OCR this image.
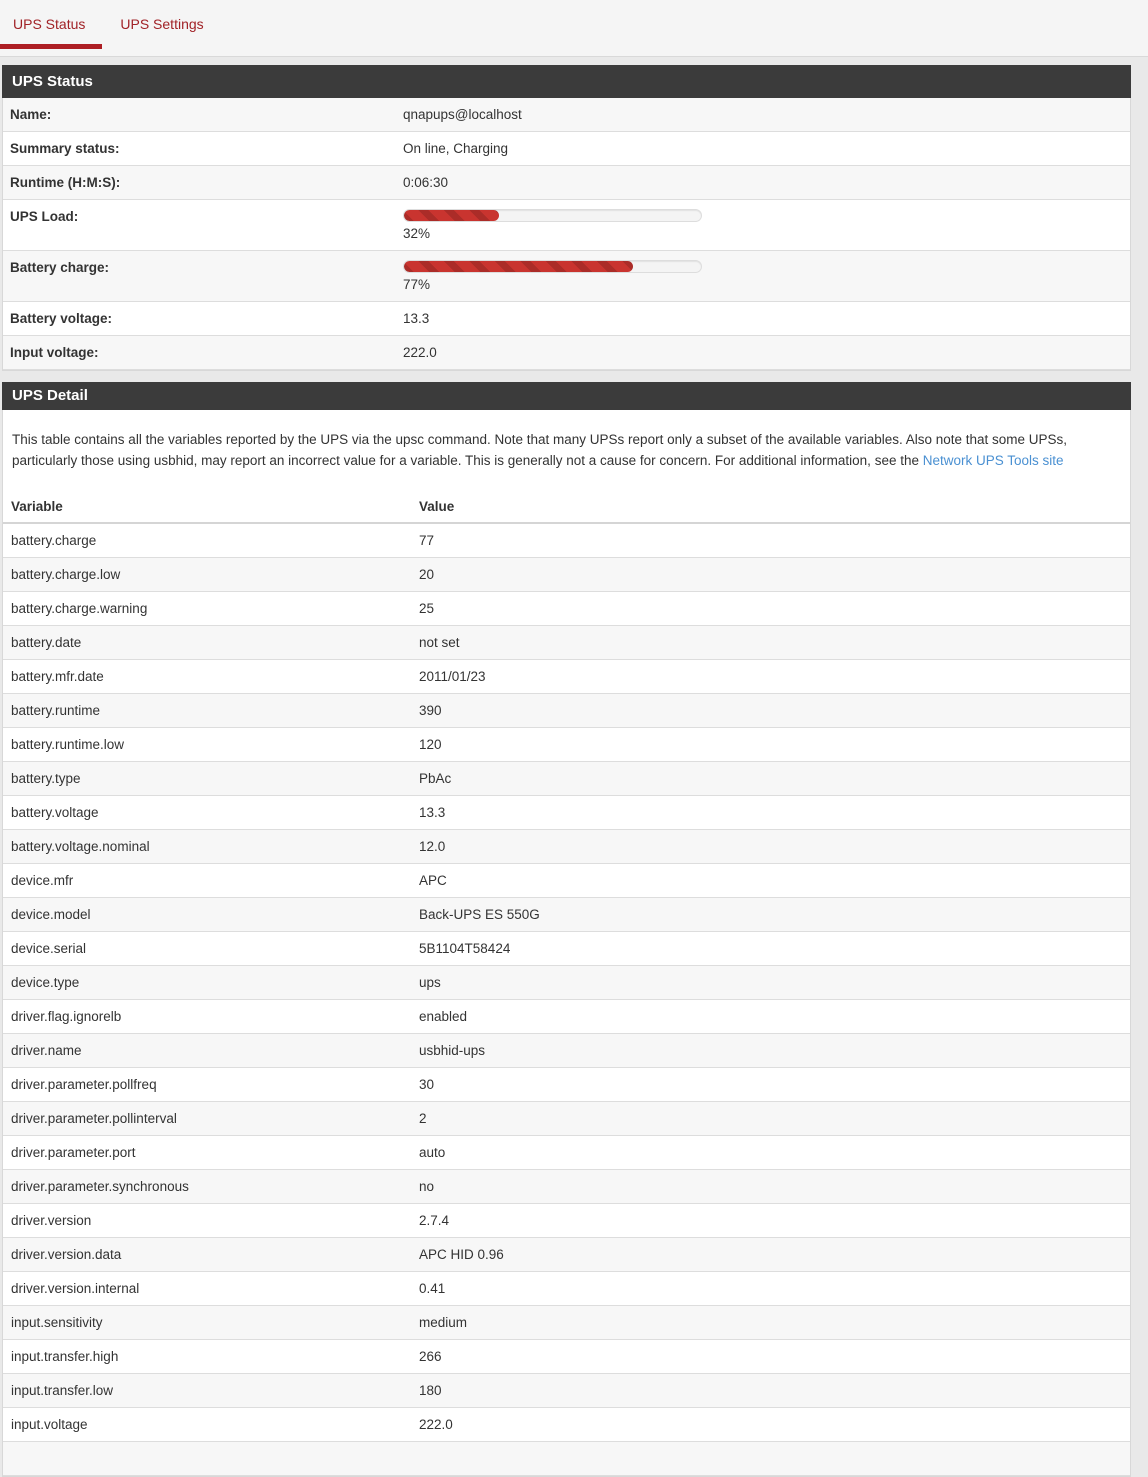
UPS Status	UPS Settings
UPS Status
Name:	qnapups@localhost
Summary status:	On line, Charging
Runtime (H:M:S):	0:06:30
UPS Load:
32%
Battery charge:
77%
Battery voltage:	13.3
Input voltage:	222.0
UPS Detail
This table contains all the variables reported by the UPS via the upsc command. Note that many UPSs report only a subset of the available variables. Also note that some UPSs, particularly those using usbhid, may report an incorrect value for a variable. This is generally not a cause for concern. For additional information, see the Network UPS Tools site
Variable	Value
battery.charge	77
battery.charge.low	20
battery.charge.warning	25
battery.date	not set
battery.mfr.date	2011/01/23
battery.runtime	390
battery.runtime.low	120
battery.type	PbAc
battery.voltage	13.3
battery.voltage.nominal	12.0
device.mfr	APC
device.model	Back-UPS ES 550G
device.serial	5B1104T58424
device.type	ups
driver.flag.ignorelb	enabled
driver.name	usbhid-ups
driver.parameter.pollfreq	30
driver.parameter.pollinterval	2
driver.parameter.port	auto
driver.parameter.synchronous	no
driver.version	2.7.4
driver.version.data	APC HID 0.96
driver.version.internal	0.41
input.sensitivity	medium
input.transfer.high	266
input.transfer.low	180
input.voltage	222.0
